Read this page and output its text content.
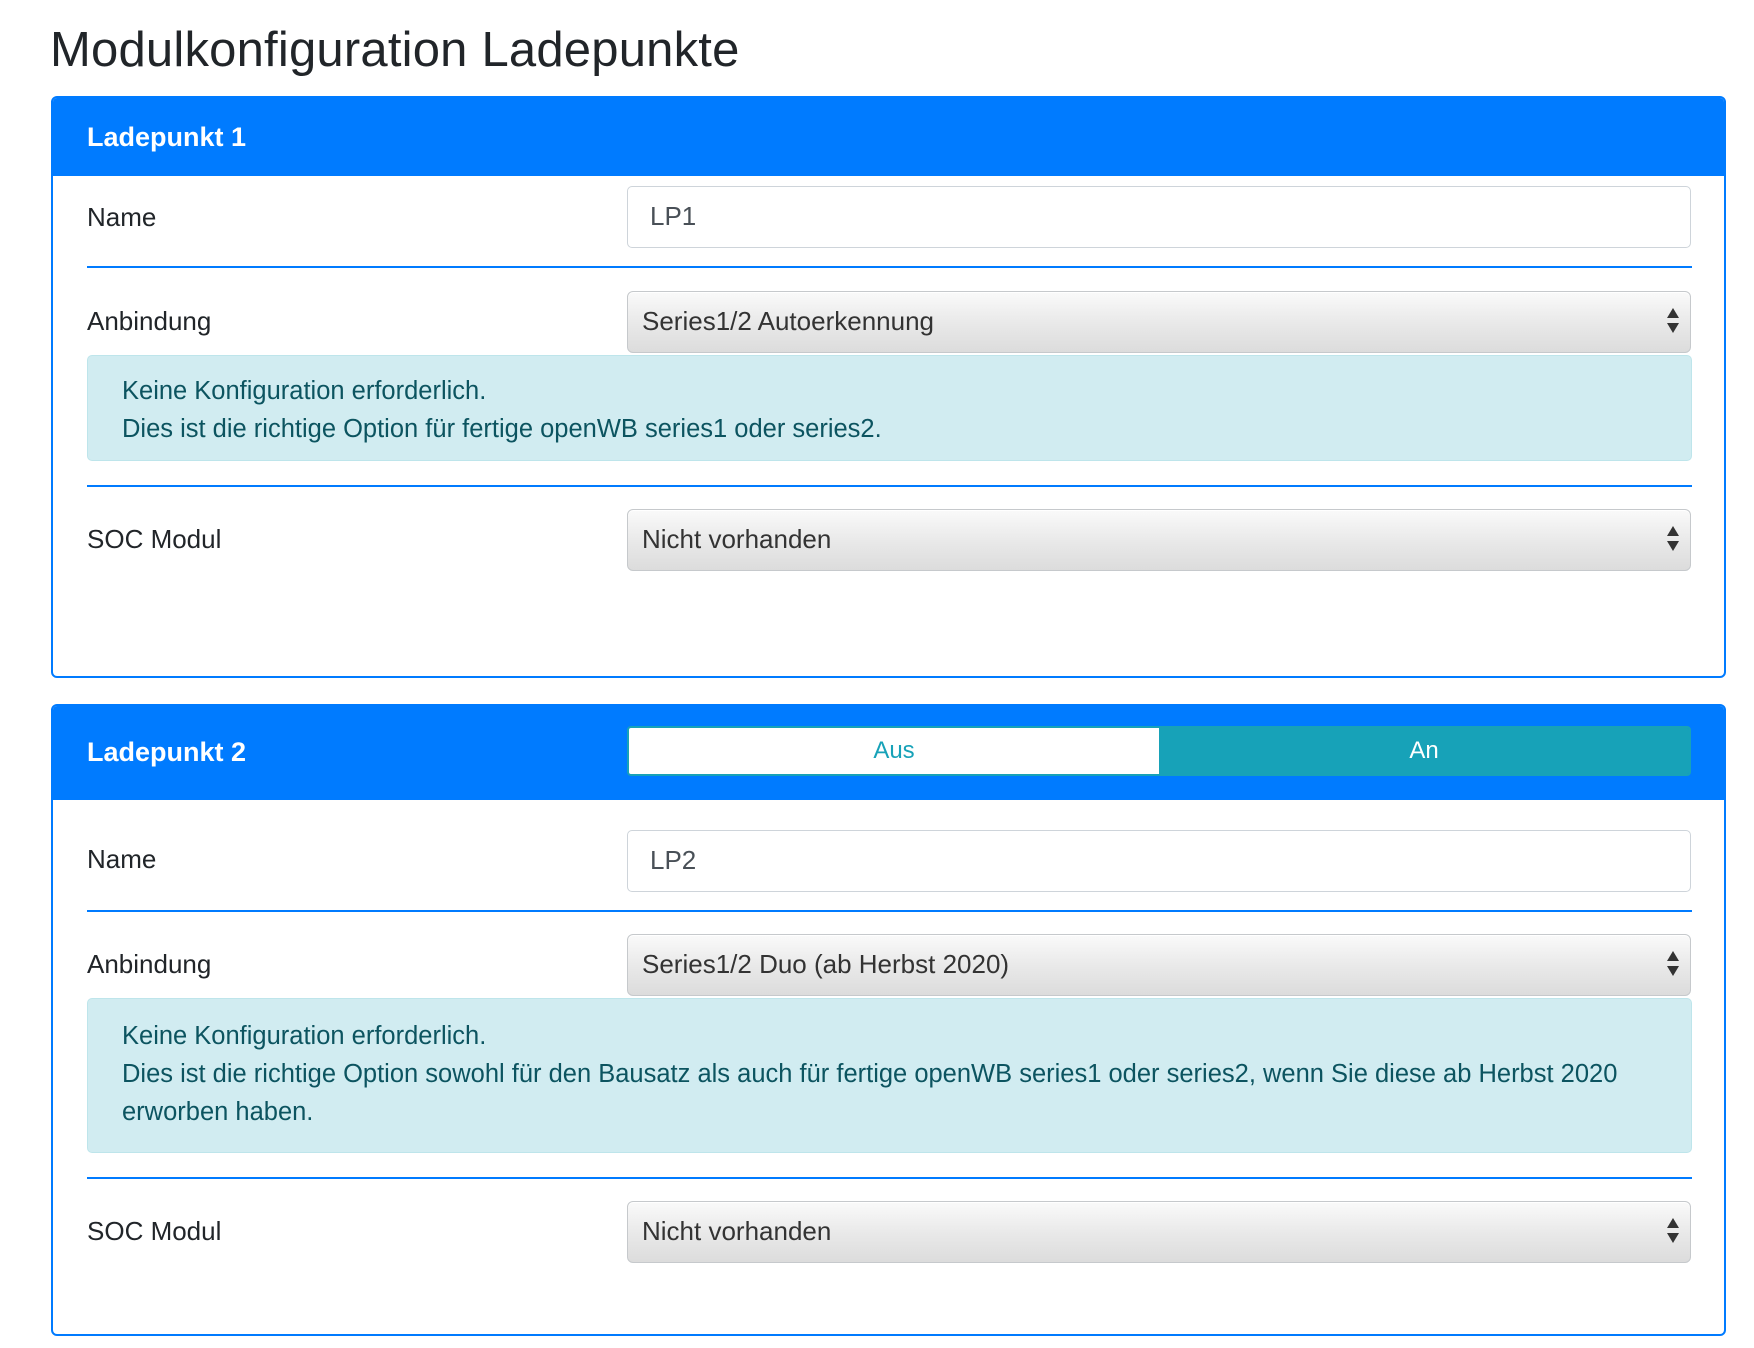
Modulkonfiguration Ladepunkte
Ladepunkt 1
Name	LP1
Anbindung	Series1/2 Autoerkennung
Keine Konfiguration erforderlich.
Dies ist die richtige Option für fertige openWB series1 oder series2.
SOC Modul	Nicht vorhanden
Ladepunkt 2	Aus	An
Name	LP2
Anbindung	Series1/2 Duo (ab Herbst 2020)
Keine Konfiguration erforderlich.
Dies ist die richtige Option sowohl für den Bausatz als auch für fertige openWB series1 oder series2, wenn Sie diese ab Herbst 2020 erworben haben.
SOC Modul	Nicht vorhanden
